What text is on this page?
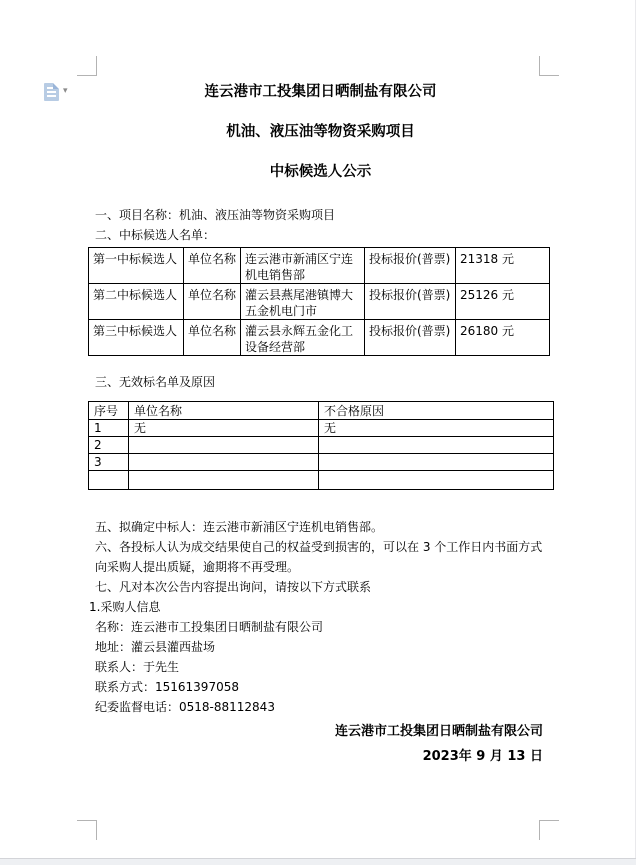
▾	连云港市工投集团日晒制盐有限公司
机油、液压油等物资采购项目
中标候选人公示
一、项目名称：机油、液压油等物资采购项目
二、中标候选人名单：
第一中标候选人	单位名称	连云港市新浦区宁连机电销售部	投标报价(普票)	21318 元
第二中标候选人	单位名称	灌云县燕尾港镇博大五金机电门市	投标报价(普票)	25126 元
第三中标候选人	单位名称	灌云县永辉五金化工设备经营部	投标报价(普票)	26180 元
三、无效标名单及原因
序号	单位名称	不合格原因
1	无	无
2		
3		

五、拟确定中标人：连云港市新浦区宁连机电销售部。
六、各投标人认为成交结果使自己的权益受到损害的，可以在 3 个工作日内书面方式向采购人提出质疑，逾期将不再受理。
七、凡对本次公告内容提出询问，请按以下方式联系
1.采购人信息
名称：连云港市工投集团日晒制盐有限公司
地址：灌云县灌西盐场
联系人：于先生
联系方式：15161397058
纪委监督电话：0518-88112843
连云港市工投集团日晒制盐有限公司
2023年 9 月 13 日
